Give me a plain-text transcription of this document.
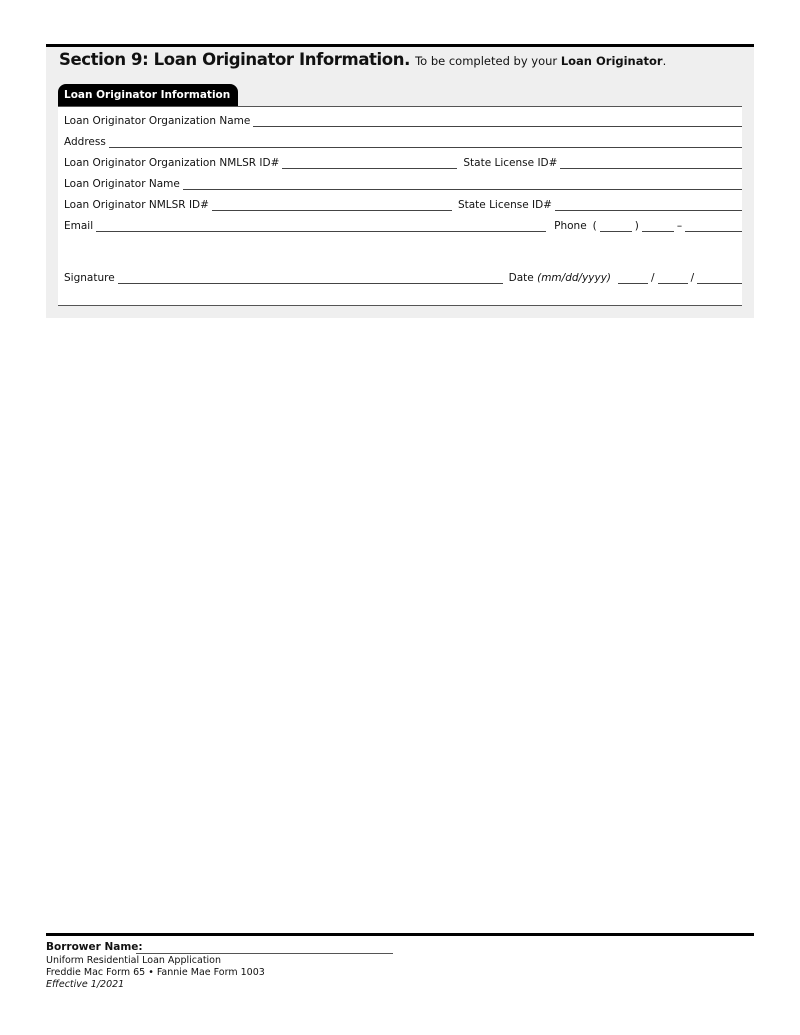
Section 9: Loan Originator Information. To be completed by your Loan Originator.
Loan Originator Information
Loan Originator Organization Name
Address
Loan Originator Organization NMLSR ID#	State License ID#
Loan Originator Name
Loan Originator NMLSR ID#	State License ID#
Email	Phone (	)	–
Signature	Date (mm/dd/yyyy)	/	/
Borrower Name:
Uniform Residential Loan Application
Freddie Mac Form 65 • Fannie Mae Form 1003
Effective 1/2021
